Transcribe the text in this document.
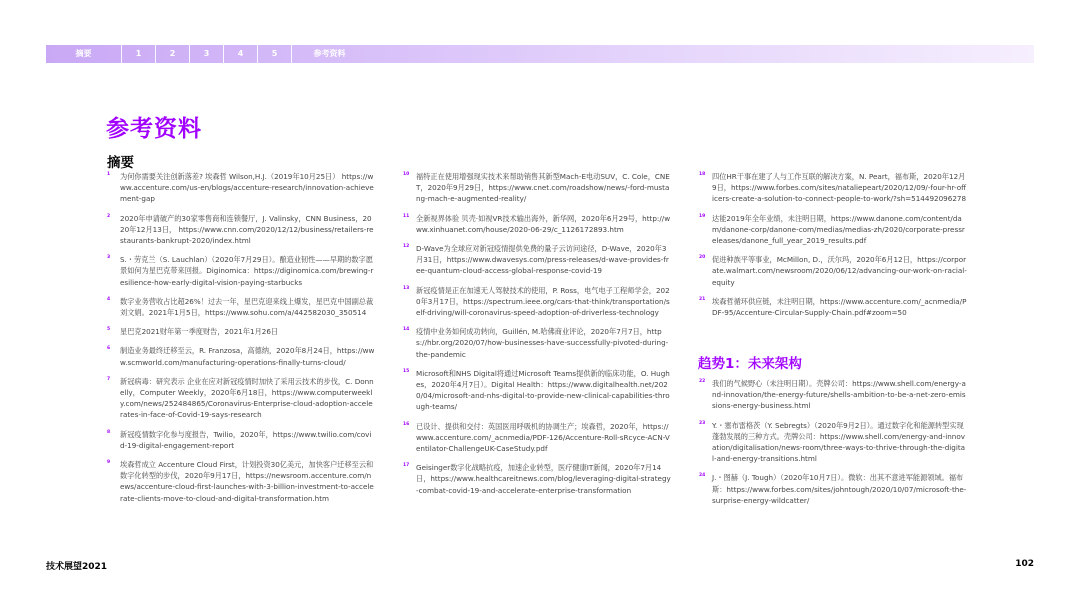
摘要	1	2	3	4	5	参考资料
参考资料
摘要
1 为何你需要关注创新落差? 埃森哲 Wilson,H.J.（2019年10月25日） https://www.accenture.com/us-en/blogs/accenture-research/innovation-achievement-gap
2 2020年申请破产的30家零售商和连锁餐厅，J. Valinsky，CNN Business，2020年12月13日， https://www.cnn.com/2020/12/12/business/retailers-restaurants-bankrupt-2020/index.html
3 S.・劳克兰（S. Lauchlan）（2020年7月29日）。酿造业韧性——早期的数字愿景如何为星巴克带来回报。Diginomica：https://diginomica.com/brewing-resilience-how-early-digital-vision-paying-starbucks
4 数字业务营收占比超26%！过去一年，星巴克迎来线上爆发，星巴克中国副总裁刘文娟。2021年1月5日，https://www.sohu.com/a/442582030_350514
5 星巴克2021财年第一季度财告，2021年1月26日
6 制造业务最终迁移至云，R. Franzosa，高德纳，2020年8月24日，https://www.scmworld.com/manufacturing-operations-finally-turns-cloud/
7 新冠病毒：研究表示 企业在应对新冠疫情时加快了采用云技术的步伐，C. Donnelly，Computer Weekly，2020年6月18日，https://www.computerweekly.com/news/252484865/Coronavirus-Enterprise-cloud-adoption-accelerates-in-face-of-Covid-19-says-research
8 新冠疫情数字化参与度报告，Twilio，2020年，https://www.twilio.com/covid-19-digital-engagement-report
9 埃森哲成立 Accenture Cloud First，计划投资30亿美元，加快客户迁移至云和数字化转型的步伐，2020年9月17日，https://newsroom.accenture.com/news/accenture-cloud-first-launches-with-3-billion-investment-to-accelerate-clients-move-to-cloud-and-digital-transformation.htm
10 福特正在使用增强现实技术来帮助销售其新型Mach-E电动SUV，C. Cole，CNET，2020年9月29日，https://www.cnet.com/roadshow/news/-ford-mustang-mach-e-augmented-reality/
11 全新视界体验 贝壳·如视VR技术输出海外，新华网，2020年6月29号，http://www.xinhuanet.com/house/2020-06-29/c_1126172893.htm
12 D-Wave为全球应对新冠疫情提供免费的量子云访问途径，D-Wave，2020年3月31日，https://www.dwavesys.com/press-releases/d-wave-provides-free-quantum-cloud-access-global-response-covid-19
13 新冠疫情是正在加速无人驾驶技术的使用，P. Ross，电气电子工程师学会，2020年3月17日，https://spectrum.ieee.org/cars-that-think/transportation/self-driving/will-coronavirus-speed-adoption-of-driverless-technology
14 疫情中业务如何成功转向，Guillén, M.哈佛商业评论，2020年7月7日，https://hbr.org/2020/07/how-businesses-have-successfully-pivoted-during-the-pandemic
15 Microsoft和NHS Digital将通过Microsoft Teams提供新的临床功能，O. Hughes，2020年4月7日）。Digital Health：https://www.digitalhealth.net/2020/04/microsoft-and-nhs-digital-to-provide-new-clinical-capabilities-through-teams/
16 已设计、提供和交付：英国医用呼吸机的协调生产；埃森哲，2020年，https://www.accenture.com/_acnmedia/PDF-126/Accenture-Roll-sRcyce-ACN-Ventilator-ChallengeUK-CaseStudy.pdf
17 Geisinger数字化战略抗疫，加速企业转型，医疗健康IT新闻，2020年7月14日，https://www.healthcareitnews.com/blog/leveraging-digital-strategy-combat-covid-19-and-accelerate-enterprise-transformation
18 四位HR干事在建了人与工作互联的解决方案，N. Peart，福布斯，2020年12月9日，https://www.forbes.com/sites/nataliepeart/2020/12/09/-four-hr-officers-create-a-solution-to-connect-people-to-work/?sh=514492096278
19 达能2019年全年业绩，未注明日期，https://www.danone.com/content/dam/danone-corp/danone-com/medias/medias-zh/2020/corporate-pressreleases/danone_full_year_2019_results.pdf
20 促进种族平等事业，McMillon, D.，沃尔玛，2020年6月12日，https://corporate.walmart.com/newsroom/2020/06/12/advancing-our-work-on-racial-equity
21 埃森哲循环供应链，未注明日期，https://www.accenture.com/_acnmedia/PDF-95/Accenture-Circular-Supply-Chain.pdf#zoom=50
趋势1：未来架构
22 我们的气候野心（未注明日期）。壳牌公司：https://www.shell.com/energy-and-innovation/the-energy-future/shells-ambition-to-be-a-net-zero-emissions-energy-business.html
23 Y.・塞布雷格茨（Y. Sebregts）（2020年9月2日）。通过数字化和能源转型实现蓬勃发展的三种方式。壳牌公司：https://www.shell.com/energy-and-innovation/digitalisation/news-room/three-ways-to-thrive-through-the-digital-and-energy-transitions.html
24 J.・图赫（J. Tough）（2020年10月7日）。微软：出其不意进军能源领域。福布斯：https://www.forbes.com/sites/johntough/2020/10/07/microsoft-the-surprise-energy-wildcatter/
技术展望2021	102
